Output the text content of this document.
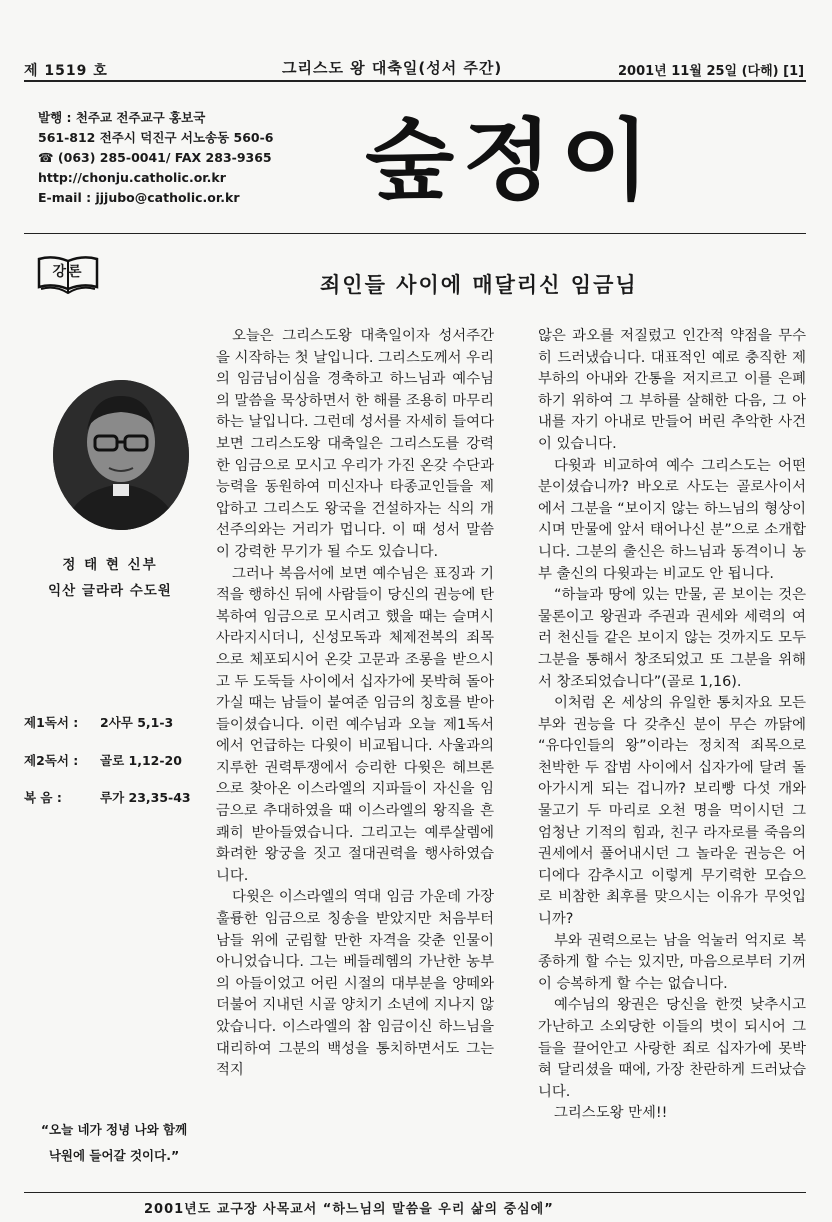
제 1519 호	그리스도 왕 대축일(성서 주간)	2001년 11월 25일 (다해) [1]
발행 : 천주교 전주교구 홍보국
561-812 전주시 덕진구 서노송동 560-6
☎ (063) 285-0041/ FAX 283-9365
http://chonju.catholic.or.kr
E-mail : jjjubo@catholic.or.kr	숲정이
강론
죄인들 사이에 매달리신 임금님
정 태 현 신부
익산 글라라 수도원
제1독서 : 2사무 5,1-3
제2독서 : 골로 1,12-20
복 음 :	루가 23,35-43
“오늘 네가 정녕 나와 함께
낙원에 들어갈 것이다.”

오늘은 그리스도왕 대축일이자 성서주간을 시작하는 첫 날입니다. 그리스도께서 우리의 임금님이심을 경축하고 하느님과 예수님의 말씀을 묵상하면서 한 해를 조용히 마무리하는 날입니다. 그런데 성서를 자세히 들여다 보면 그리스도왕 대축일은 그리스도를 강력한 임금으로 모시고 우리가 가진 온갖 수단과 능력을 동원하여 미신자나 타종교인들을 제압하고 그리스도 왕국을 건설하자는 식의 개선주의와는 거리가 멉니다. 이 때 성서 말씀이 강력한 무기가 될 수도 있습니다.

그러나 복음서에 보면 예수님은 표징과 기적을 행하신 뒤에 사람들이 당신의 권능에 탄복하여 임금으로 모시려고 했을 때는 슬며시 사라지시더니, 신성모독과 체제전복의 죄목으로 체포되시어 온갖 고문과 조롱을 받으시고 두 도둑들 사이에서 십자가에 못박혀 돌아가실 때는 남들이 붙여준 임금의 칭호를 받아들이셨습니다. 이런 예수님과 오늘 제1독서에서 언급하는 다윗이 비교됩니다. 사울과의 지루한 권력투쟁에서 승리한 다윗은 헤브론으로 찾아온 이스라엘의 지파들이 자신을 임금으로 추대하였을 때 이스라엘의 왕직을 흔쾌히 받아들였습니다. 그리고는 예루살렘에 화려한 왕궁을 짓고 절대권력을 행사하였습니다.

다윗은 이스라엘의 역대 임금 가운데 가장 훌륭한 임금으로 칭송을 받았지만 처음부터 남들 위에 군림할 만한 자격을 갖춘 인물이 아니었습니다. 그는 베들레헴의 가난한 농부의 아들이었고 어린 시절의 대부분을 양떼와 더불어 지내던 시골 양치기 소년에 지나지 않았습니다. 이스라엘의 참 임금이신 하느님을 대리하여 그분의 백성을 통치하면서도 그는 적지

않은 과오를 저질렀고 인간적 약점을 무수히 드러냈습니다. 대표적인 예로 충직한 제 부하의 아내와 간통을 저지르고 이를 은폐하기 위하여 그 부하를 살해한 다음, 그 아내를 자기 아내로 만들어 버린 추악한 사건이 있습니다.

다윗과 비교하여 예수 그리스도는 어떤 분이셨습니까? 바오로 사도는 골로사이서에서 그분을 “보이지 않는 하느님의 형상이시며 만물에 앞서 태어나신 분”으로 소개합니다. 그분의 출신은 하느님과 동격이니 농부 출신의 다윗과는 비교도 안 됩니다.

“하늘과 땅에 있는 만물, 곧 보이는 것은 물론이고 왕권과 주권과 권세와 세력의 여러 천신들 같은 보이지 않는 것까지도 모두 그분을 통해서 창조되었고 또 그분을 위해서 창조되었습니다”(골로 1,16).

이처럼 온 세상의 유일한 통치자요 모든 부와 권능을 다 갖추신 분이 무슨 까닭에 “유다인들의 왕”이라는 정치적 죄목으로 천박한 두 잡범 사이에서 십자가에 달려 돌아가시게 되는 겁니까? 보리빵 다섯 개와 물고기 두 마리로 오천 명을 먹이시던 그 엄청난 기적의 힘과, 친구 라자로를 죽음의 권세에서 풀어내시던 그 놀라운 권능은 어디에다 감추시고 이렇게 무기력한 모습으로 비참한 최후를 맞으시는 이유가 무엇입니까?

부와 권력으로는 남을 억눌러 억지로 복종하게 할 수는 있지만, 마음으로부터 기꺼이 승복하게 할 수는 없습니다.

예수님의 왕권은 당신을 한껏 낮추시고 가난하고 소외당한 이들의 벗이 되시어 그들을 끌어안고 사랑한 죄로 십자가에 못박혀 달리셨을 때에, 가장 찬란하게 드러났습니다.

그리스도왕 만세!!

2001년도 교구장 사목교서 “하느님의 말씀을 우리 삶의 중심에”
